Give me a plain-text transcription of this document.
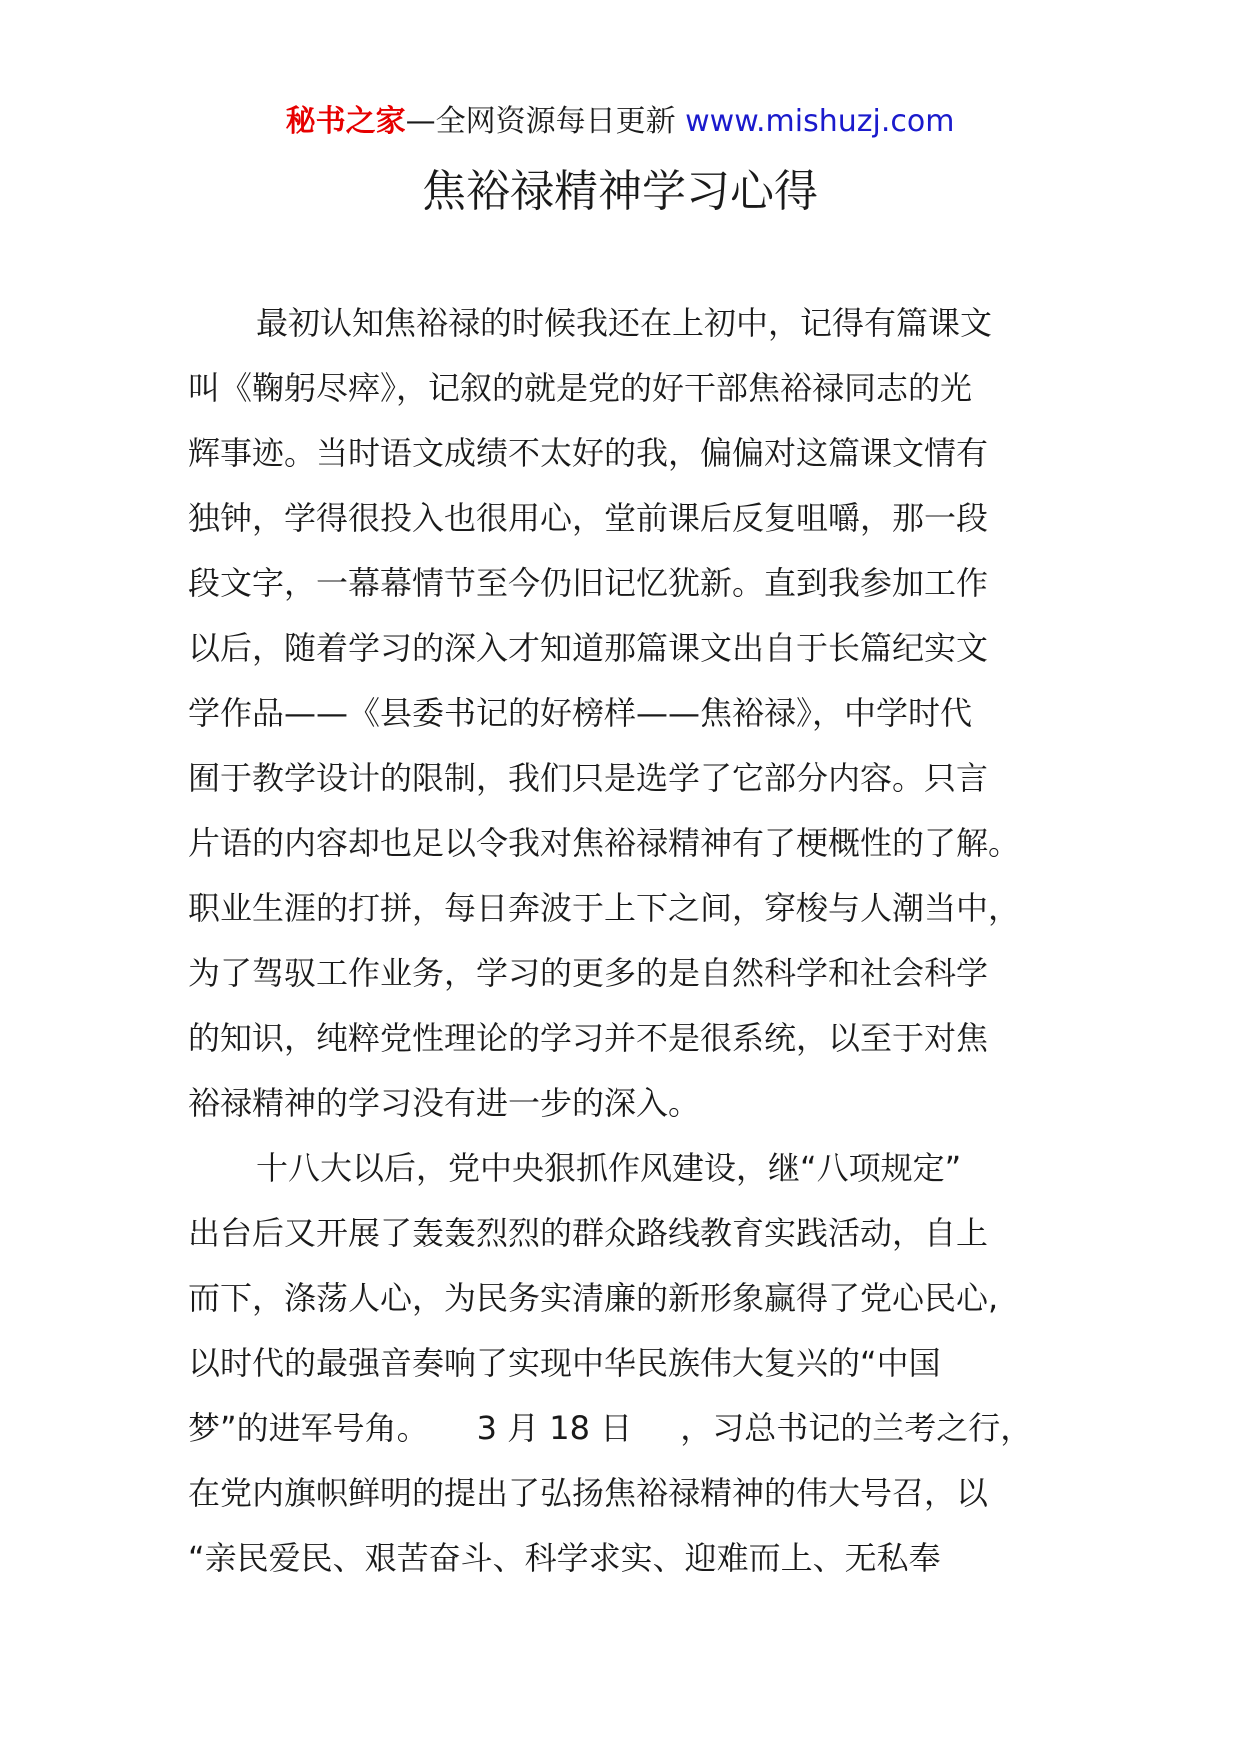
秘书之家—全网资源每日更新 www.mishuzj.com
焦裕禄精神学习心得
最初认知焦裕禄的时候我还在上初中，记得有篇课文
叫《鞠躬尽瘁》，记叙的就是党的好干部焦裕禄同志的光
辉事迹。当时语文成绩不太好的我，偏偏对这篇课文情有
独钟，学得很投入也很用心，堂前课后反复咀嚼，那一段
段文字，一幕幕情节至今仍旧记忆犹新。直到我参加工作
以后，随着学习的深入才知道那篇课文出自于长篇纪实文
学作品——《县委书记的好榜样——焦裕禄》，中学时代
囿于教学设计的限制，我们只是选学了它部分内容。只言
片语的内容却也足以令我对焦裕禄精神有了梗概性的了解。
职业生涯的打拼，每日奔波于上下之间，穿梭与人潮当中，
为了驾驭工作业务，学习的更多的是自然科学和社会科学
的知识，纯粹党性理论的学习并不是很系统，以至于对焦
裕禄精神的学习没有进一步的深入。
十八大以后，党中央狠抓作风建设，继“八项规定”
出台后又开展了轰轰烈烈的群众路线教育实践活动，自上
而下，涤荡人心，为民务实清廉的新形象赢得了党心民心,
以时代的最强音奏响了实现中华民族伟大复兴的“中国
梦”的进军号角。 3 月 18 日 ，习总书记的兰考之行，
在党内旗帜鲜明的提出了弘扬焦裕禄精神的伟大号召，以
“亲民爱民、艰苦奋斗、科学求实、迎难而上、无私奉
